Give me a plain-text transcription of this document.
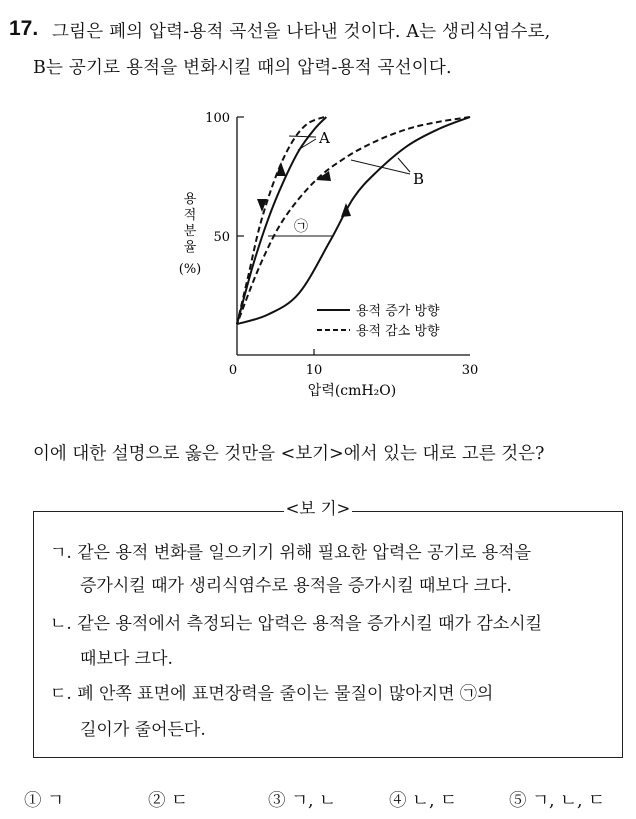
17. 그림은 폐의 압력-용적 곡선을 나타낸 것이다. A는 생리식염수로,
B는 공기로 용적을 변화시킬 때의 압력-용적 곡선이다.
100
50
0	10	30
용
적
분
율
(%)
압력(cmH₂O)
A
B
㉠
용적 증가 방향
용적 감소 방향
이에 대한 설명으로 옳은 것만을 <보기>에서 있는 대로 고른 것은?
<보 기>
ㄱ. 같은 용적 변화를 일으키기 위해 필요한 압력은 공기로 용적을
증가시킬 때가 생리식염수로 용적을 증가시킬 때보다 크다.
ㄴ. 같은 용적에서 측정되는 압력은 용적을 증가시킬 때가 감소시킬
때보다 크다.
ㄷ. 폐 안쪽 표면에 표면장력을 줄이는 물질이 많아지면 ㉠의
길이가 줄어든다.
① ㄱ	② ㄷ	③ ㄱ, ㄴ	④ ㄴ, ㄷ	⑤ ㄱ, ㄴ, ㄷ
